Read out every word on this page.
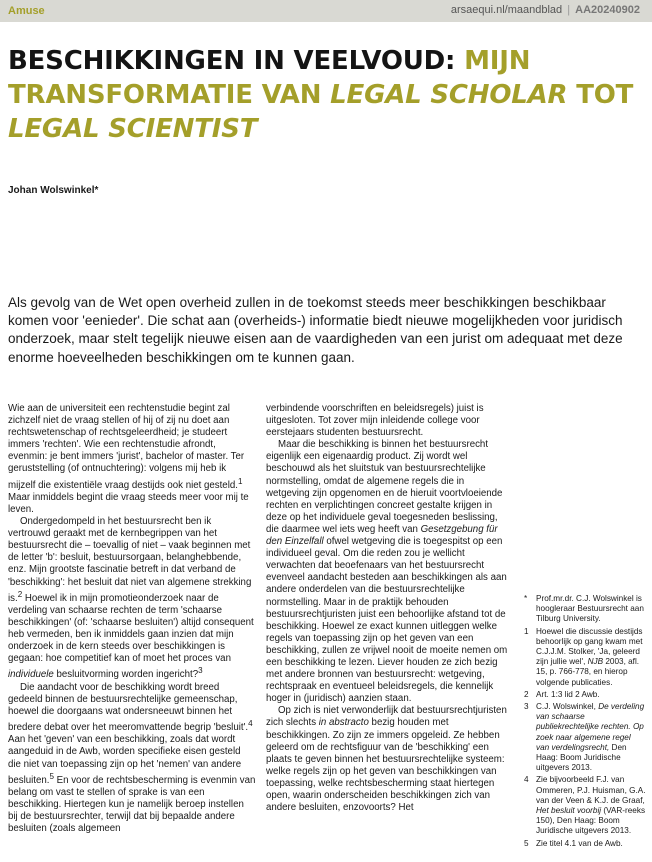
Amuse	arsaequi.nl/maandblad | AA20240902
BESCHIKKINGEN IN VEELVOUD: MIJN TRANSFORMATIE VAN LEGAL SCHOLAR TOT LEGAL SCIENTIST
Johan Wolswinkel*

Als gevolg van de Wet open overheid zullen in de toekomst steeds meer beschikkingen beschikbaar komen voor 'eenieder'. Die schat aan (overheids-) informatie biedt nieuwe mogelijkheden voor juridisch onderzoek, maar stelt tegelijk nieuwe eisen aan de vaardigheden van een jurist om adequaat met deze enorme hoeveelheden beschikkingen om te kunnen gaan.

Wie aan de universiteit een rechtenstudie begint zal zichzelf niet de vraag stellen of hij of zij nu doet aan rechtswetenschap of rechtsgeleerdheid; je studeert immers 'rechten'. Wie een rechtenstudie afrondt, evenmin: je bent immers 'jurist', bachelor of master. Ter geruststelling (of ontnuchtering): volgens mij heb ik mijzelf die existentiële vraag destijds ook niet gesteld.$^1$ Maar inmiddels begint die vraag steeds meer voor mij te leven.

Ondergedompeld in het bestuursrecht ben ik vertrouwd geraakt met de kernbegrippen van het bestuursrecht die – toevallig of niet – vaak beginnen met de letter 'b': besluit, bestuursorgaan, belanghebbende, enz. Mijn grootste fascinatie betreft in dat verband de 'beschikking': het besluit dat niet van algemene strekking is.$^2$ Hoewel ik in mijn promotieonderzoek naar de verdeling van schaarse rechten de term 'schaarse beschikkingen' (of: 'schaarse besluiten') altijd consequent heb vermeden, ben ik inmiddels gaan inzien dat mijn onderzoek in de kern steeds over beschikkingen is gegaan: hoe competitief kan of moet het proces van individuele besluitvorming worden ingericht?$^3$

Die aandacht voor de beschikking wordt breed gedeeld binnen de bestuursrechtelijke gemeenschap, hoewel die doorgaans wat ondersneeuwt binnen het bredere debat over het meeromvattende begrip 'besluit'.$^4$ Aan het 'geven' van een beschikking, zoals dat wordt aangeduid in de Awb, worden specifieke eisen gesteld die niet van toepassing zijn op het 'nemen' van andere besluiten.$^5$ En voor de rechtsbescherming is evenmin van belang om vast te stellen of sprake is van een beschikking. Hiertegen kun je namelijk beroep instellen bij de bestuursrechter, terwijl dat bij bepaalde andere besluiten (zoals algemeen

verbindende voorschriften en beleidsregels) juist is uitgesloten. Tot zover mijn inleidende college voor eerstejaars studenten bestuursrecht.

Maar die beschikking is binnen het bestuursrecht eigenlijk een eigenaardig product. Zij wordt wel beschouwd als het sluitstuk van bestuursrechtelijke normstelling, omdat de algemene regels die in wetgeving zijn opgenomen en de hieruit voortvloeiende rechten en verplichtingen concreet gestalte krijgen in deze op het individuele geval toegesneden beslissing, die daarmee wel iets weg heeft van Gesetzgebung für den Einzelfall ofwel wetgeving die is toegespitst op een individueel geval. Om die reden zou je wellicht verwachten dat beoefenaars van het bestuursrecht evenveel aandacht besteden aan beschikkingen als aan andere onderdelen van die bestuursrechtelijke normstelling. Maar in de praktijk behouden bestuursrechtjuristen juist een behoorlijke afstand tot de beschikking. Hoewel ze exact kunnen uitleggen welke regels van toepassing zijn op het geven van een beschikking, zullen ze vrijwel nooit de moeite nemen om een beschikking te lezen. Liever houden ze zich bezig met andere bronnen van bestuursrecht: wetgeving, rechtspraak en eventueel beleidsregels, die kennelijk hoger in (juridisch) aanzien staan.

Op zich is niet verwonderlijk dat bestuursrechtjuristen zich slechts in abstracto bezig houden met beschikkingen. Zo zijn ze immers opgeleid. Ze hebben geleerd om de rechtsfiguur van de 'beschikking' een plaats te geven binnen het bestuursrechtelijke systeem: welke regels zijn op het geven van beschikkingen van toepassing, welke rechtsbescherming staat hiertegen open, waarin onderscheiden beschikkingen zich van andere besluiten, enzovoorts? Het

*	Prof.mr.dr. C.J. Wolswinkel is hoogleraar Bestuursrecht aan Tilburg University.
1 Hoewel die discussie destijds behoorlijk op gang kwam met C.J.J.M. Stolker, 'Ja, geleerd zijn jullie wel', NJB 2003, afl. 15, p. 766-778, en hierop volgende publicaties.
2 Art. 1:3 lid 2 Awb.
3 C.J. Wolswinkel, De verdeling van schaarse publiekrechtelijke rechten. Op zoek naar algemene regel van verdelingsrecht, Den Haag: Boom Juridische uitgevers 2013.
4 Zie bijvoorbeeld F.J. van Ommeren, P.J. Huisman, G.A. van der Veen & K.J. de Graaf, Het besluit voorbij (VAR-reeks 150), Den Haag: Boom Juridische uitgevers 2013.
5 Zie titel 4.1 van de Awb.
